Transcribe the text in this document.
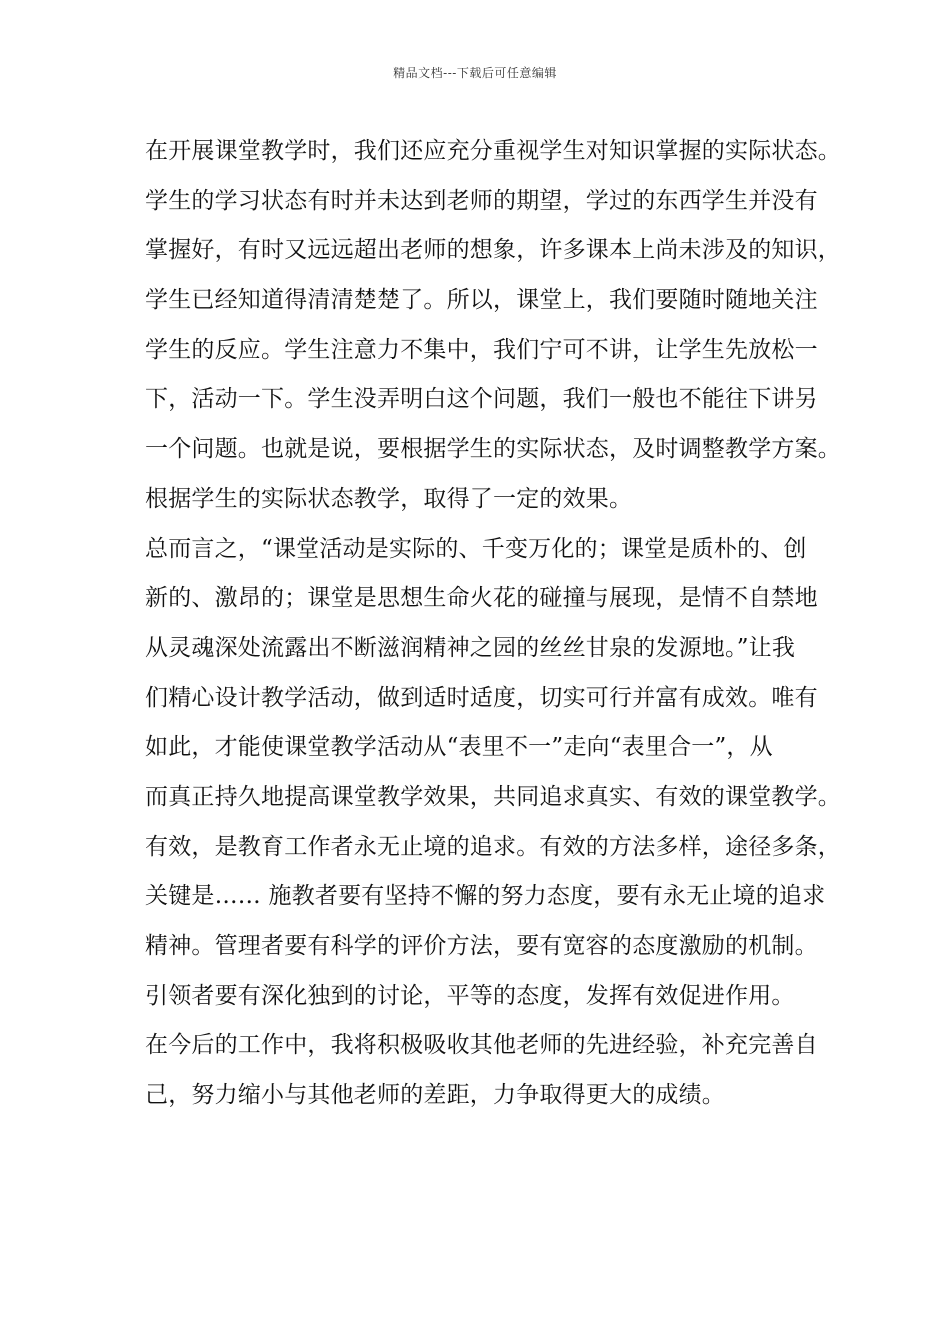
精品文档---下载后可任意编辑
在开展课堂教学时，我们还应充分重视学生对知识掌握的实际状态。
学生的学习状态有时并未达到老师的期望，学过的东西学生并没有
掌握好，有时又远远超出老师的想象，许多课本上尚未涉及的知识，
学生已经知道得清清楚楚了。所以，课堂上，我们要随时随地关注
学生的反应。学生注意力不集中，我们宁可不讲，让学生先放松一
下，活动一下。学生没弄明白这个问题，我们一般也不能往下讲另
一个问题。也就是说，要根据学生的实际状态，及时调整教学方案。
根据学生的实际状态教学，取得了一定的效果。
总而言之，“课堂活动是实际的、千变万化的；课堂是质朴的、创
新的、激昂的；课堂是思想生命火花的碰撞与展现，是情不自禁地
从灵魂深处流露出不断滋润精神之园的丝丝甘泉的发源地。”让我
们精心设计教学活动，做到适时适度，切实可行并富有成效。唯有
如此，才能使课堂教学活动从“表里不一”走向“表里合一”，从
而真正持久地提高课堂教学效果，共同追求真实、有效的课堂教学。
有效，是教育工作者永无止境的追求。有效的方法多样，途径多条，
关键是…… 施教者要有坚持不懈的努力态度，要有永无止境的追求
精神。管理者要有科学的评价方法，要有宽容的态度激励的机制。
引领者要有深化独到的讨论，平等的态度，发挥有效促进作用。
在今后的工作中，我将积极吸收其他老师的先进经验，补充完善自
己，努力缩小与其他老师的差距，力争取得更大的成绩。
